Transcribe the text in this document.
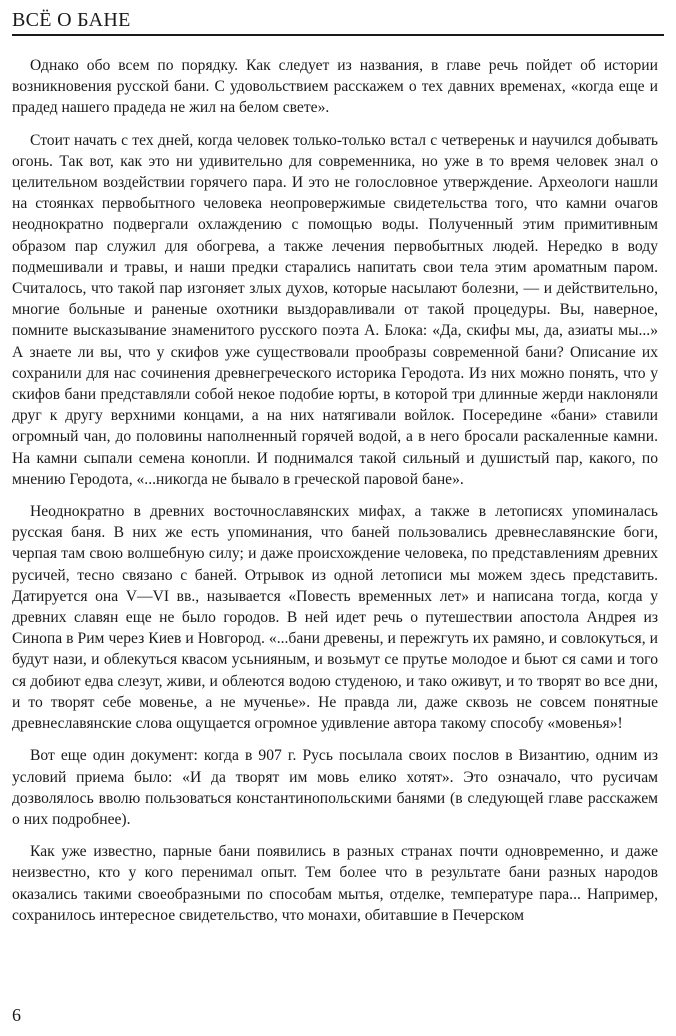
ВСЁ О БАНЕ

Однако обо всем по порядку. Как следует из названия, в главе речь пойдет об истории возникновения русской бани. С удовольствием расскажем о тех давних временах, «когда еще и прадед нашего прадеда не жил на белом свете».

Стоит начать с тех дней, когда человек только-только встал с четвереньк и научился добывать огонь. Так вот, как это ни удивительно для современника, но уже в то время человек знал о целительном воздействии горячего пара. И это не голословное утверждение. Археологи нашли на стоянках первобытного человека неопровержимые свидетельства того, что камни очагов неоднократно подвергали охлаждению с помощью воды. Полученный этим примитивным образом пар служил для обогрева, а также лечения первобытных людей. Нередко в воду подмешивали и травы, и наши предки старались напитать свои тела этим ароматным паром. Считалось, что такой пар изгоняет злых духов, которые насылают болезни, — и действительно, многие больные и раненые охотники выздоравливали от такой процедуры. Вы, наверное, помните высказывание знаменитого русского поэта А. Блока: «Да, скифы мы, да, азиаты мы...» А знаете ли вы, что у скифов уже существовали прообразы современной бани? Описание их сохранили для нас сочинения древнегреческого историка Геродота. Из них можно понять, что у скифов бани представляли собой некое подобие юрты, в которой три длинные жерди наклоняли друг к другу верхними концами, а на них натягивали войлок. Посередине «бани» ставили огромный чан, до половины наполненный горячей водой, а в него бросали раскаленные камни. На камни сыпали семена конопли. И поднимался такой сильный и душистый пар, какого, по мнению Геродота, «...никогда не бывало в греческой паровой бане».

Неоднократно в древних восточнославянских мифах, а также в летописях упоминалась русская баня. В них же есть упоминания, что баней пользовались древнеславянские боги, черпая там свою волшебную силу; и даже происхождение человека, по представлениям древних русичей, тесно связано с баней. Отрывок из одной летописи мы можем здесь представить. Датируется она V—VI вв., называется «Повесть временных лет» и написана тогда, когда у древних славян еще не было городов. В ней идет речь о путешествии апостола Андрея из Синопа в Рим через Киев и Новгород. «...бани древены, и пережгуть их рамяно, и совлокуться, и будут нази, и облекуться квасом усьнияным, и возьмут се прутье молодое и бьют ся сами и того ся добиют едва слезут, живи, и облеются водою студеною, и тако оживут, и то творят во все дни, и то творят себе мовенье, а не мученье». Не правда ли, даже сквозь не совсем понятные древнеславянские слова ощущается огромное удивление автора такому способу «мовенья»!

Вот еще один документ: когда в 907 г. Русь посылала своих послов в Византию, одним из условий приема было: «И да творят им мовь елико хотят». Это означало, что русичам дозволялось вволю пользоваться константинопольскими банями (в следующей главе расскажем о них подробнее).

Как уже известно, парные бани появились в разных странах почти одновременно, и даже неизвестно, кто у кого перенимал опыт. Тем более что в результате бани разных народов оказались такими своеобразными по способам мытья, отделке, температуре пара... Например, сохранилось интересное свидетельство, что монахи, обитавшие в Печерском

6
